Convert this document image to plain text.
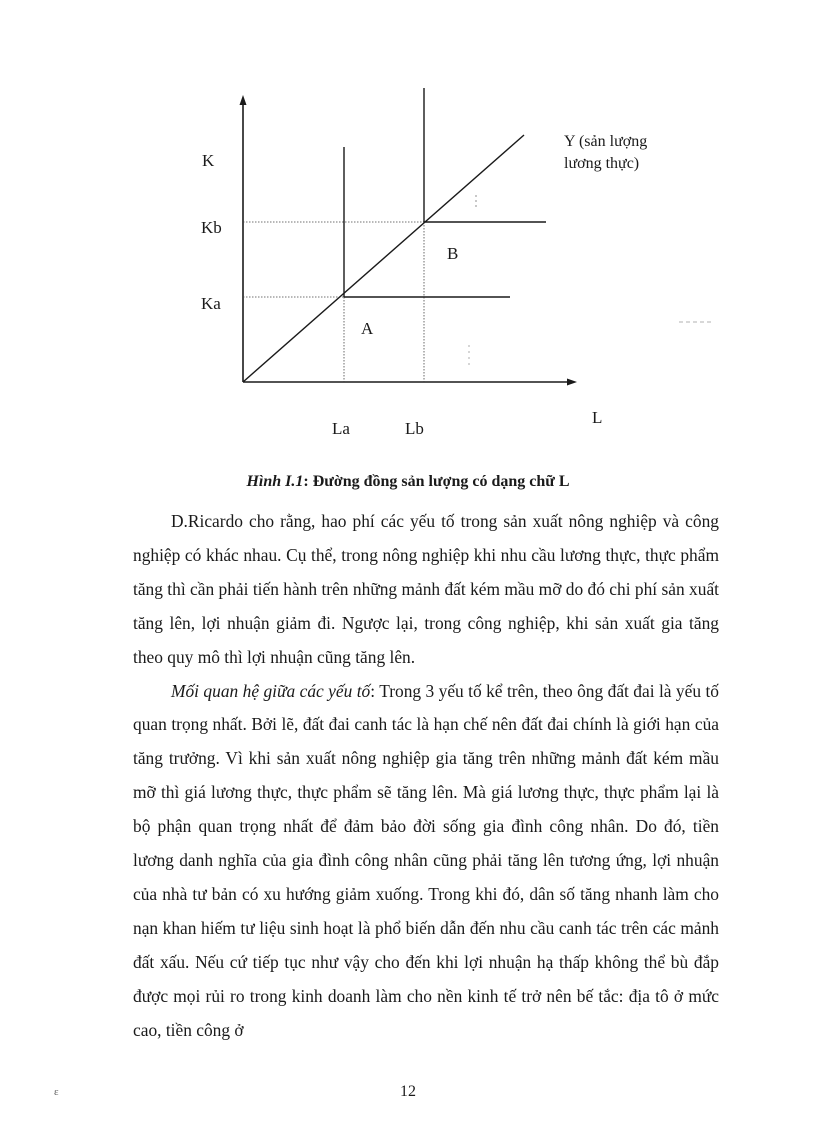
K
Kb
Ka
A
B
Y (sản lượng
lương thực)
L
La	Lb

Hình I.1: Đường đồng sản lượng có dạng chữ L

D.Ricardo cho rằng, hao phí các yếu tố trong sản xuất nông nghiệp và công nghiệp có khác nhau. Cụ thể, trong nông nghiệp khi nhu cầu lương thực, thực phẩm tăng thì cần phải tiến hành trên những mảnh đất kém mầu mỡ do đó chi phí sản xuất tăng lên, lợi nhuận giảm đi. Ngược lại, trong công nghiệp, khi sản xuất gia tăng theo quy mô thì lợi nhuận cũng tăng lên.

Mối quan hệ giữa các yếu tố: Trong 3 yếu tố kể trên, theo ông đất đai là yếu tố quan trọng nhất. Bởi lẽ, đất đai canh tác là hạn chế nên đất đai chính là giới hạn của tăng trưởng. Vì khi sản xuất nông nghiệp gia tăng trên những mảnh đất kém mầu mỡ thì giá lương thực, thực phẩm sẽ tăng lên. Mà giá lương thực, thực phẩm lại là bộ phận quan trọng nhất để đảm bảo đời sống gia đình công nhân. Do đó, tiền lương danh nghĩa của gia đình công nhân cũng phải tăng lên tương ứng, lợi nhuận của nhà tư bản có xu hướng giảm xuống. Trong khi đó, dân số tăng nhanh làm cho nạn khan hiếm tư liệu sinh hoạt là phổ biến dẫn đến nhu cầu canh tác trên các mảnh đất xấu. Nếu cứ tiếp tục như vậy cho đến khi lợi nhuận hạ thấp không thể bù đắp được mọi rủi ro trong kinh doanh làm cho nền kinh tế trở nên bế tắc: địa tô ở mức cao, tiền công ở

ε	12
